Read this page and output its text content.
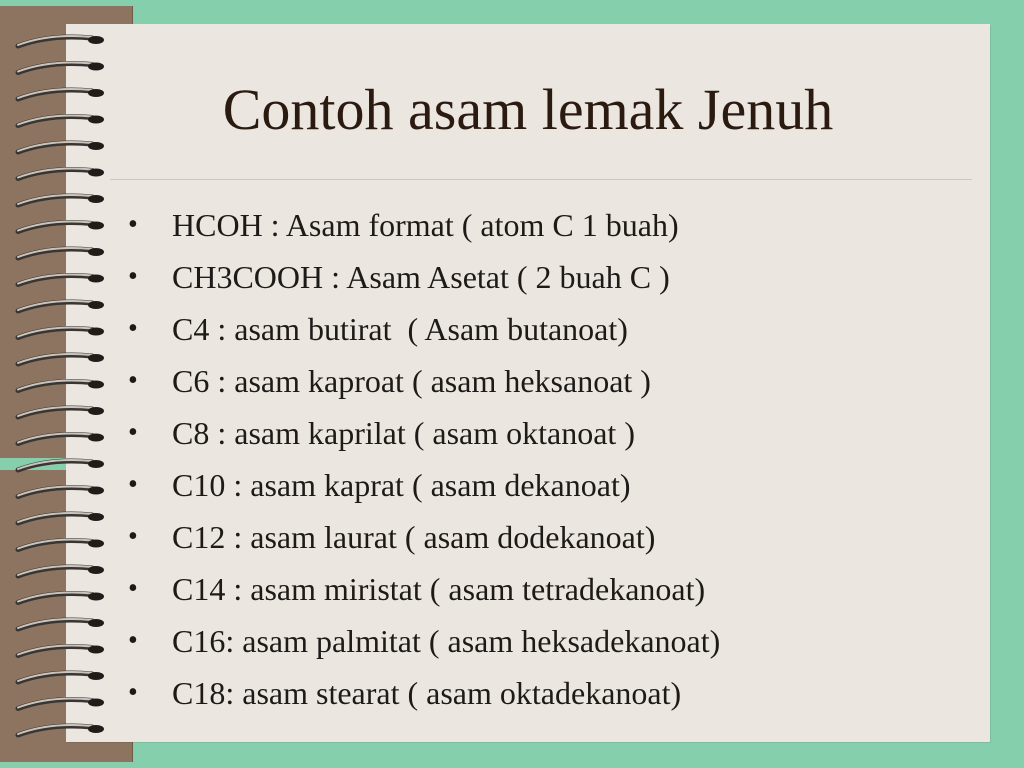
Contoh asam lemak Jenuh
• HCOH : Asam format ( atom C 1 buah)
• CH3COOH : Asam Asetat ( 2 buah C )
• C4 : asam butirat  ( Asam butanoat)
• C6 : asam kaproat ( asam heksanoat )
• C8 : asam kaprilat ( asam oktanoat )
• C10 : asam kaprat ( asam dekanoat)
• C12 : asam laurat ( asam dodekanoat)
• C14 : asam miristat ( asam tetradekanoat)
• C16: asam palmitat ( asam heksadekanoat)
• C18: asam stearat ( asam oktadekanoat)
